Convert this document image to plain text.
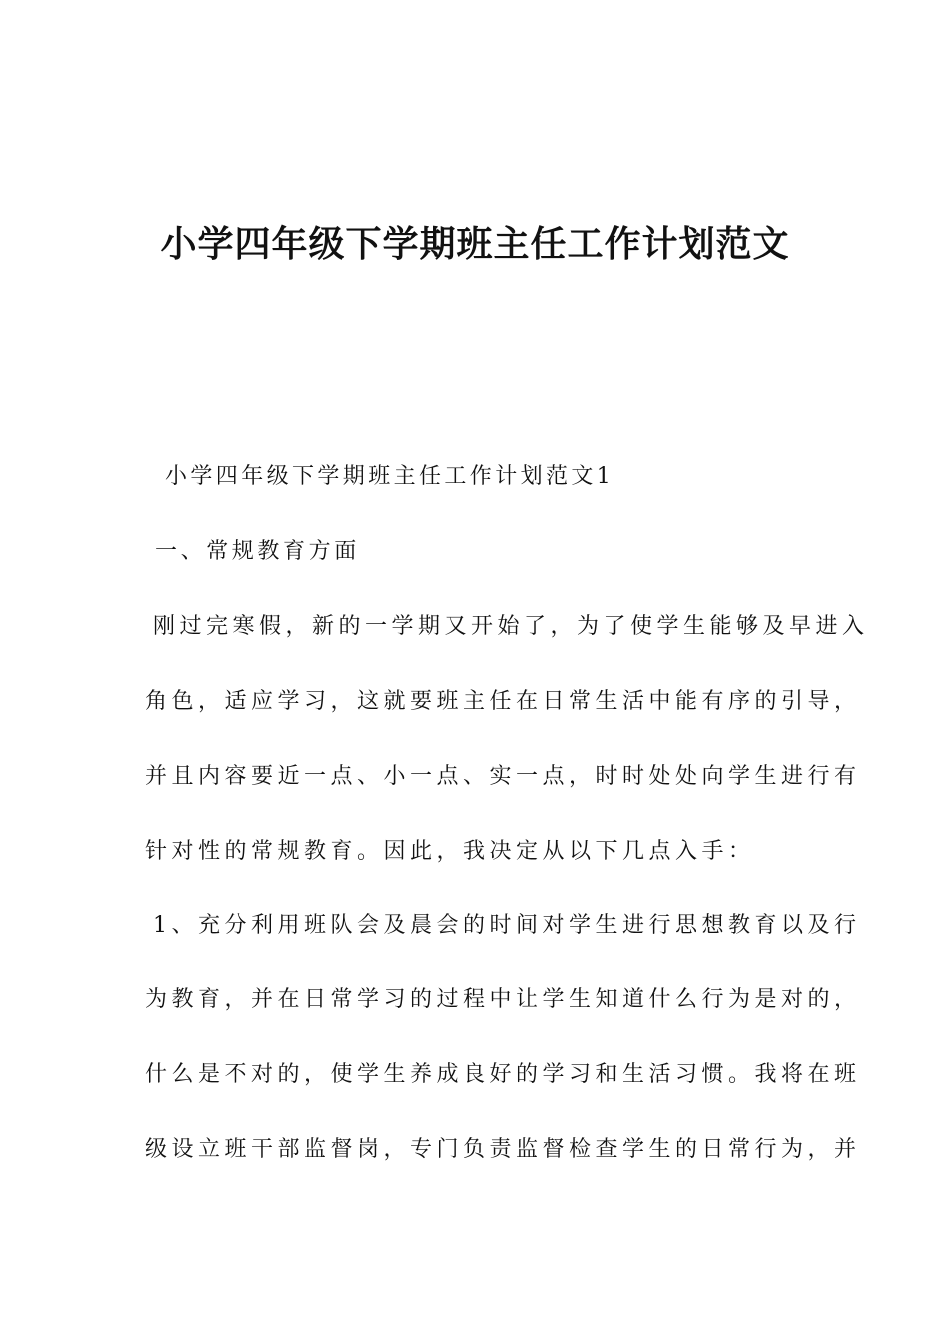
小学四年级下学期班主任工作计划范文

小学四年级下学期班主任工作计划范文1

一、常规教育方面

刚过完寒假，新的一学期又开始了，为了使学生能够及早进入

角色，适应学习，这就要班主任在日常生活中能有序的引导，

并且内容要近一点、小一点、实一点，时时处处向学生进行有

针对性的常规教育。因此，我决定从以下几点入手：

1、充分利用班队会及晨会的时间对学生进行思想教育以及行

为教育，并在日常学习的过程中让学生知道什么行为是对的，

什么是不对的，使学生养成良好的学习和生活习惯。我将在班

级设立班干部监督岗，专门负责监督检查学生的日常行为，并
